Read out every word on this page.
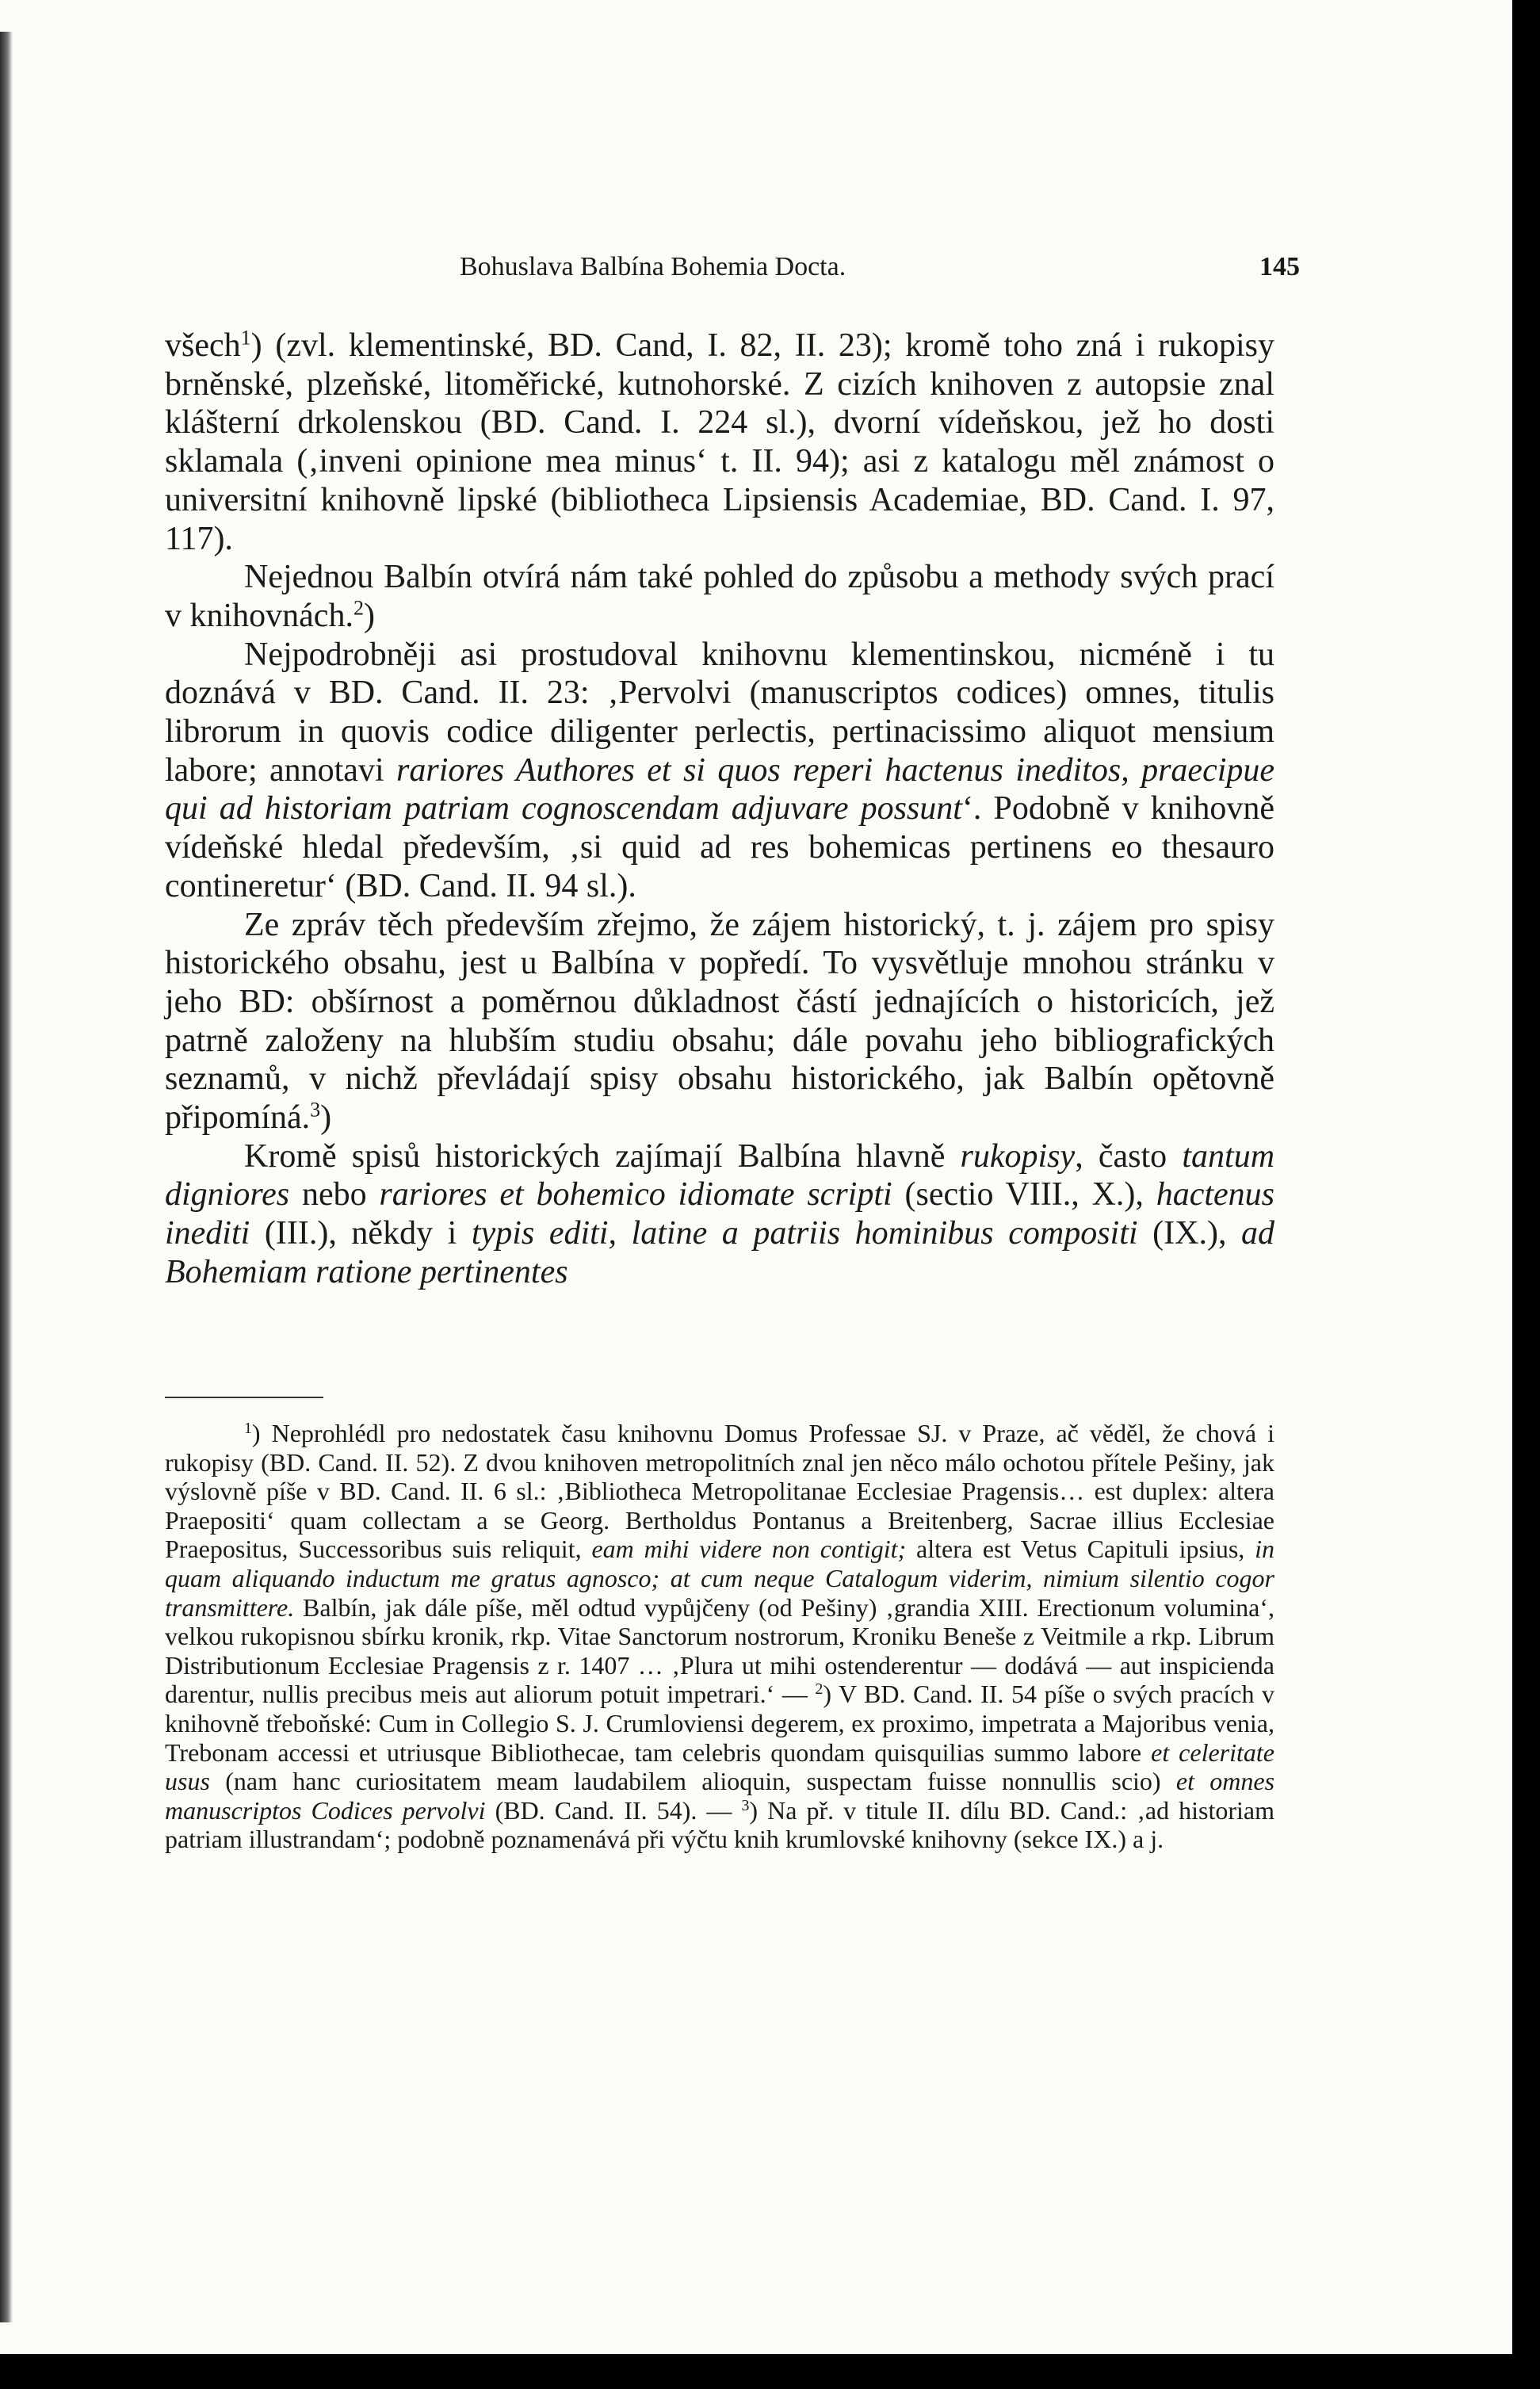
Bohuslava Balbína Bohemia Docta.	145

všech$^1$) (zvl. klementinské, BD. Cand, I. 82, II. 23); kromě toho zná i rukopisy brněnské, plzeňské, litoměřické, kutnohorské. Z cizích knihoven z autopsie znal klášterní drkolenskou (BD. Cand. I. 224 sl.), dvorní vídeňskou, jež ho dosti sklamala (‚inveni opinione mea minus‘ t. II. 94); asi z katalogu měl známost o universitní knihovně lipské (bibliotheca Lipsiensis Academiae, BD. Cand. I. 97, 117).

Nejednou Balbín otvírá nám také pohled do způsobu a methody svých prací v knihovnách.$^2$)

Nejpodrobněji asi prostudoval knihovnu klementinskou, nicméně i tu doznává v BD. Cand. II. 23: ‚Pervolvi (manuscriptos codices) omnes, titulis librorum in quovis codice diligenter perlectis, pertinacissimo aliquot mensium labore; annotavi rariores Authores et si quos reperi hactenus ineditos, praecipue qui ad historiam patriam cognoscendam adjuvare possunt‘. Podobně v knihovně vídeňské hledal především, ‚si quid ad res bohemicas pertinens eo thesauro contineretur‘ (BD. Cand. II. 94 sl.).

Ze zpráv těch především zřejmo, že zájem historický, t. j. zájem pro spisy historického obsahu, jest u Balbína v popředí. To vysvětluje mnohou stránku v jeho BD: obšírnost a poměrnou důkladnost částí jednajících o historicích, jež patrně založeny na hlubším studiu obsahu; dále povahu jeho bibliografických seznamů, v nichž převládají spisy obsahu historického, jak Balbín opětovně připomíná.$^3$)

Kromě spisů historických zajímají Balbína hlavně rukopisy, často tantum digniores nebo rariores et bohemico idiomate scripti (sectio VIII., X.), hactenus inediti (III.), někdy i typis editi, latine a patriis hominibus compositi (IX.), ad Bohemiam ratione pertinentes

$^1$) Neprohlédl pro nedostatek času knihovnu Domus Professae SJ. v Praze, ač věděl, že chová i rukopisy (BD. Cand. II. 52). Z dvou knihoven metropolitních znal jen něco málo ochotou přítele Pešiny, jak výslovně píše v BD. Cand. II. 6 sl.: ‚Bibliotheca Metropolitanae Ecclesiae Pragensis… est duplex: altera Praepositi‘ quam collectam a se Georg. Bertholdus Pontanus a Breitenberg, Sacrae illius Ecclesiae Praepositus, Successoribus suis reliquit, eam mihi videre non contigit; altera est Vetus Capituli ipsius, in quam aliquando inductum me gratus agnosco; at cum neque Catalogum viderim, nimium silentio cogor transmittere. Balbín, jak dále píše, měl odtud vypůjčeny (od Pešiny) ‚grandia XIII. Erectionum volumina‘, velkou rukopisnou sbírku kronik, rkp. Vitae Sanctorum nostrorum, Kroniku Beneše z Veitmile a rkp. Librum Distributionum Ecclesiae Pragensis z r. 1407 … ‚Plura ut mihi ostenderentur — dodává — aut inspicienda darentur, nullis precibus meis aut aliorum potuit impetrari.‘ — $^2$) V BD. Cand. II. 54 píše o svých pracích v knihovně třeboňské: Cum in Collegio S. J. Crumloviensi degerem, ex proximo, impetrata a Majoribus venia, Trebonam accessi et utriusque Bibliothecae, tam celebris quondam quisquilias summo labore et celeritate usus (nam hanc curiositatem meam laudabilem alioquin, suspectam fuisse nonnullis scio) et omnes manuscriptos Codices pervolvi (BD. Cand. II. 54). — $^3$) Na př. v titule II. dílu BD. Cand.: ‚ad historiam patriam illustrandam‘; podobně poznamenává při výčtu knih krumlovské knihovny (sekce IX.) a j.
